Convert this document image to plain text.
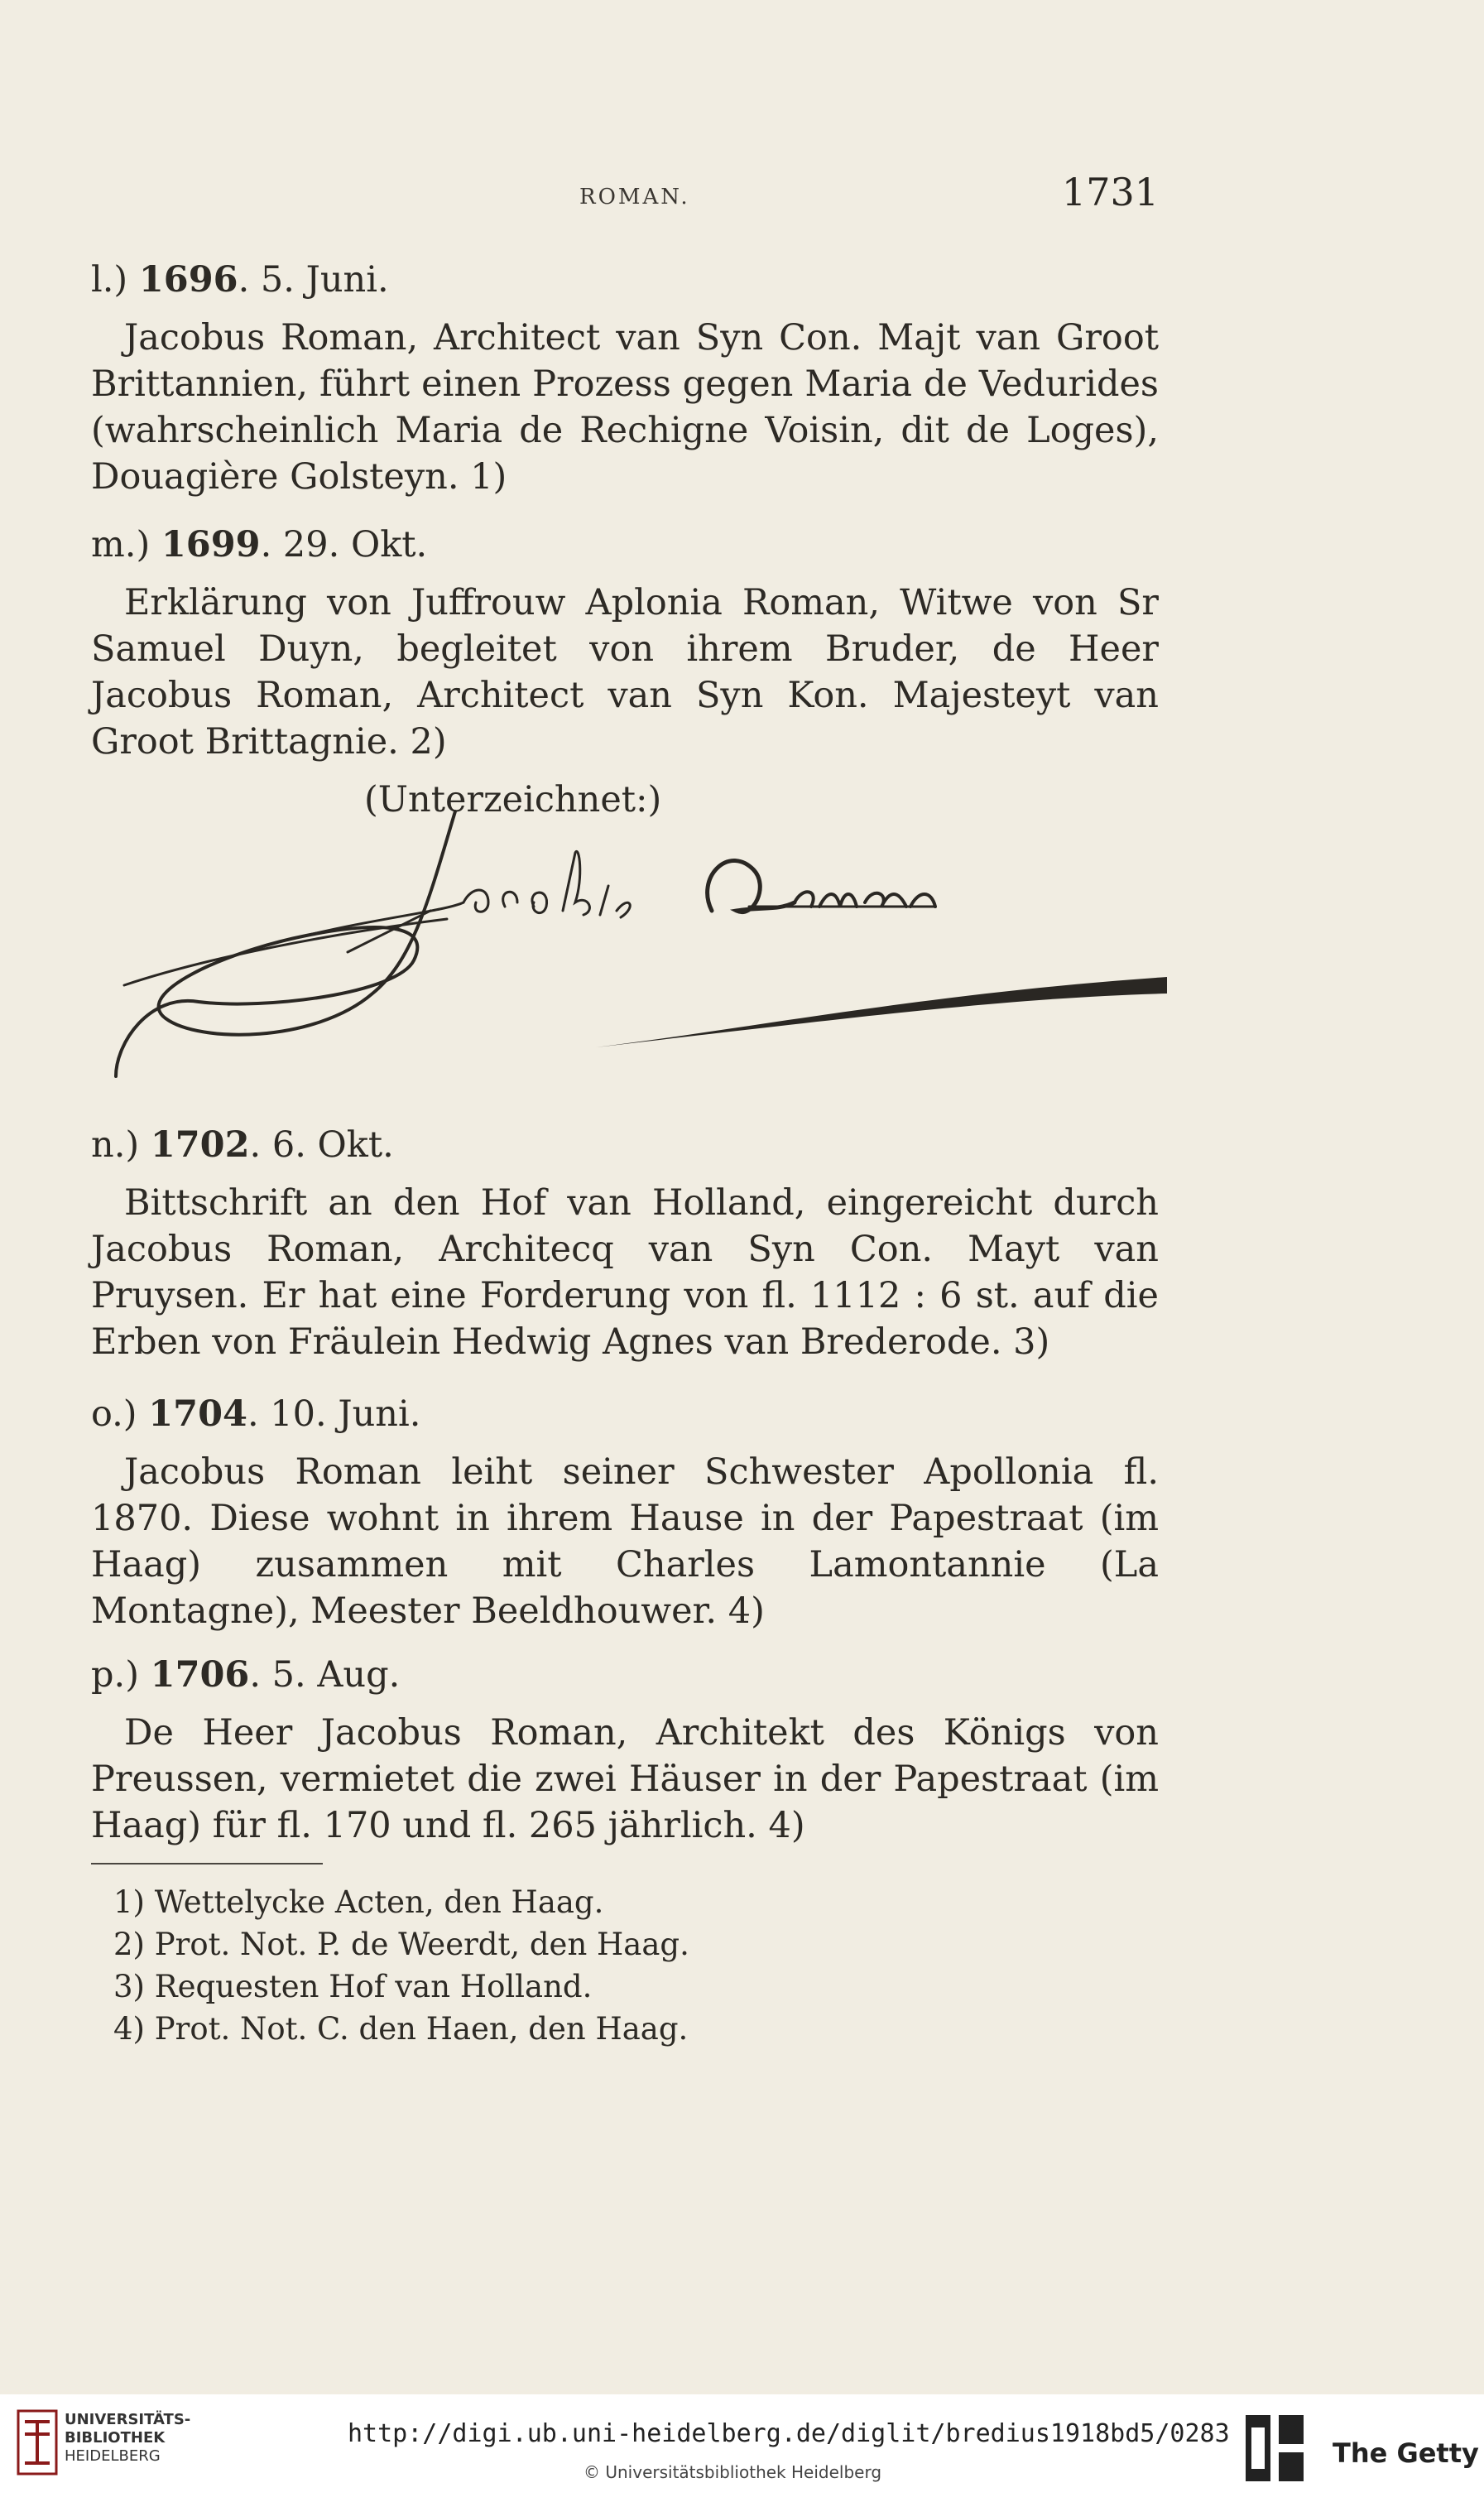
ROMAN.	1731
l.) 1696. 5. Juni.
Jacobus Roman, Architect van Syn Con. Majt van Groot Brittannien, führt einen Prozess gegen Maria de Vedurides (wahrscheinlich Maria de Rechigne Voisin, dit de Loges), Douagière Golsteyn. 1)
m.) 1699. 29. Okt.
Erklärung von Juffrouw Aplonia Roman, Witwe von Sr Samuel Duyn, begleitet von ihrem Bruder, de Heer Jacobus Roman, Architect van Syn Kon. Majesteyt van Groot Brittagnie. 2)
(Unterzeichnet:)
n.) 1702. 6. Okt.
Bittschrift an den Hof van Holland, eingereicht durch Jacobus Roman, Architecq van Syn Con. Mayt van Pruysen. Er hat eine Forderung von fl. 1112 : 6 st. auf die Erben von Fräulein Hedwig Agnes van Brederode. 3)
o.) 1704. 10. Juni.
Jacobus Roman leiht seiner Schwester Apollonia fl. 1870. Diese wohnt in ihrem Hause in der Papestraat (im Haag) zusammen mit Charles Lamontannie (La Montagne), Meester Beeldhouwer. 4)
p.) 1706. 5. Aug.
De Heer Jacobus Roman, Architekt des Königs von Preussen, vermietet die zwei Häuser in der Papestraat (im Haag) für fl. 170 und fl. 265 jährlich. 4)
1) Wettelycke Acten, den Haag.
2) Prot. Not. P. de Weerdt, den Haag.
3) Requesten Hof van Holland.
4) Prot. Not. C. den Haen, den Haag.
UNIVERSITÄTS-
BIBLIOTHEK
HEIDELBERG
http://digi.ub.uni-heidelberg.de/diglit/bredius1918bd5/0283
© Universitätsbibliothek Heidelberg
The Getty
